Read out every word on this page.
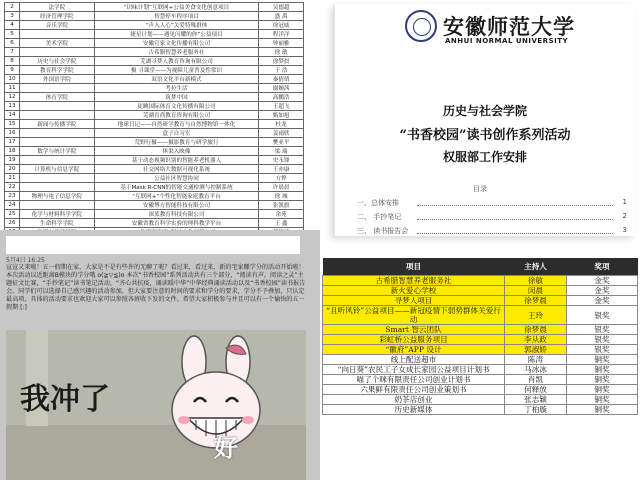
2	法学院	“识味计划”互联网+公益美食文化创意项目	吴德超
3	经济管理学院	智慧停车程序项目	盛 禹
4	音乐学院	“声入人心”关爱特殊群体	徐冠威
5		捷星计划——遇见闪耀的你”公益项目	程洋洋
6	美术学院	安徽宣家文化传播有限公司	钟丽雅
7		古希腊智慧养老服务社	徐 敏
8	历史与社会学院	芜湖寻梦人教育咨询有限公司	徐梦晨
9	教育科学学院	极 寻课堂——为视障儿童普及性常识	于 浩
10	外国语学院	双语文化平台新模式	秦倩倩
11		考拉生活	谢婉茜
12	体育学院	筑梦中国	高鹏浩
13		徒跳国际体育文化传播有限公司	王超飞
14		芜湖育尚教育咨询有限公司	甄如旭
15	新闻与传播学院	地球日记——自然研学教育与自然博物馆一体化	杜龙
16		盒子自习室	姜雨欣
17		荒野行摄——摄影教育与研学旅行	樊亚平
18	数学与统计学院	休渠入映像	梁 瑞
19		基于动态视频识别的智能养老机器人	史永锋
20	计算机与信息学院	社交网络大数据可视化系统	王亦康
21		公益社区智慧协同	方烨
22		基于Mask R-CNN的智能交通检测与控制系统	许晨晨
23	物理与电子信息学院	“互联网+”个性化智能家庭教育平台	徐 城
24		安徽博方智能科技有限公司	张凯旗
25	化学与材料科学学院	深蓝教育科技有限公司	余苑
26	生命科学学院	安徽省教育科学实验的理科教学平台	王 鑫

安徽师范大学
ANHUI NORMAL UNIVERSITY
历史与社会学院
“书香校园”读书创作系列活动
权服部工作安排
目录
一、总体安排	1
二、 手抄笔记	2
三、 读书报告会	3
5月4日 16:25
宣宣又来啦！五一假期在家，大家是不是有些许的无聊了呢？看过来，看过来，新的宅家赚学分的活动开始啦！本次活动以近距离B模块的学分哦 o(≧▽≦)o 本次“书香校园”系列活动共有三个部分，“阅读有声，阅读之灵”主题征文比赛，“手抄笔记”读书笔记活动，“齐心共抗疫，诵读暖中华”中华经典诵读活动以及“书香校园”读书报告会。同学们可以选择自己感兴趣的活动参加，但大家要注意的时间的要求和学分的要求，学分不予叠加，只认定最高项，具体的活动要求也欢迎大家可以参照各班收下发的文件。希望大家积极参与并且可以有一个愉快的五一假期 [:]
我冲了
好
项目	主持人	奖项
古希腊智慧养老服务社	徐敏	金奖
新火爱心学校	闵晨	金奖
寻梦人项目	徐梦晨	金奖
“且听风铃”公益项目——新冠疫情下弱势群体关爱行动	王玲	银奖
Smart 智云团队	徐梦晨	银奖
彩虹桥公益服务项目	李从政	银奖
“徽府”APP 设计	郭淑娇	银奖
线上配送超市	陈涛	铜奖
“向日葵”农民工子女成长家园公益项目计划书	马冰冰	铜奖
喵了个咪有限责任公司创业计划书	肖凯	铜奖
六果鲜有限责任公司创业策划书	何释放	铜奖
奶茶店创业	张志颖	铜奖
历史新媒体	丁柏璇	铜奖
